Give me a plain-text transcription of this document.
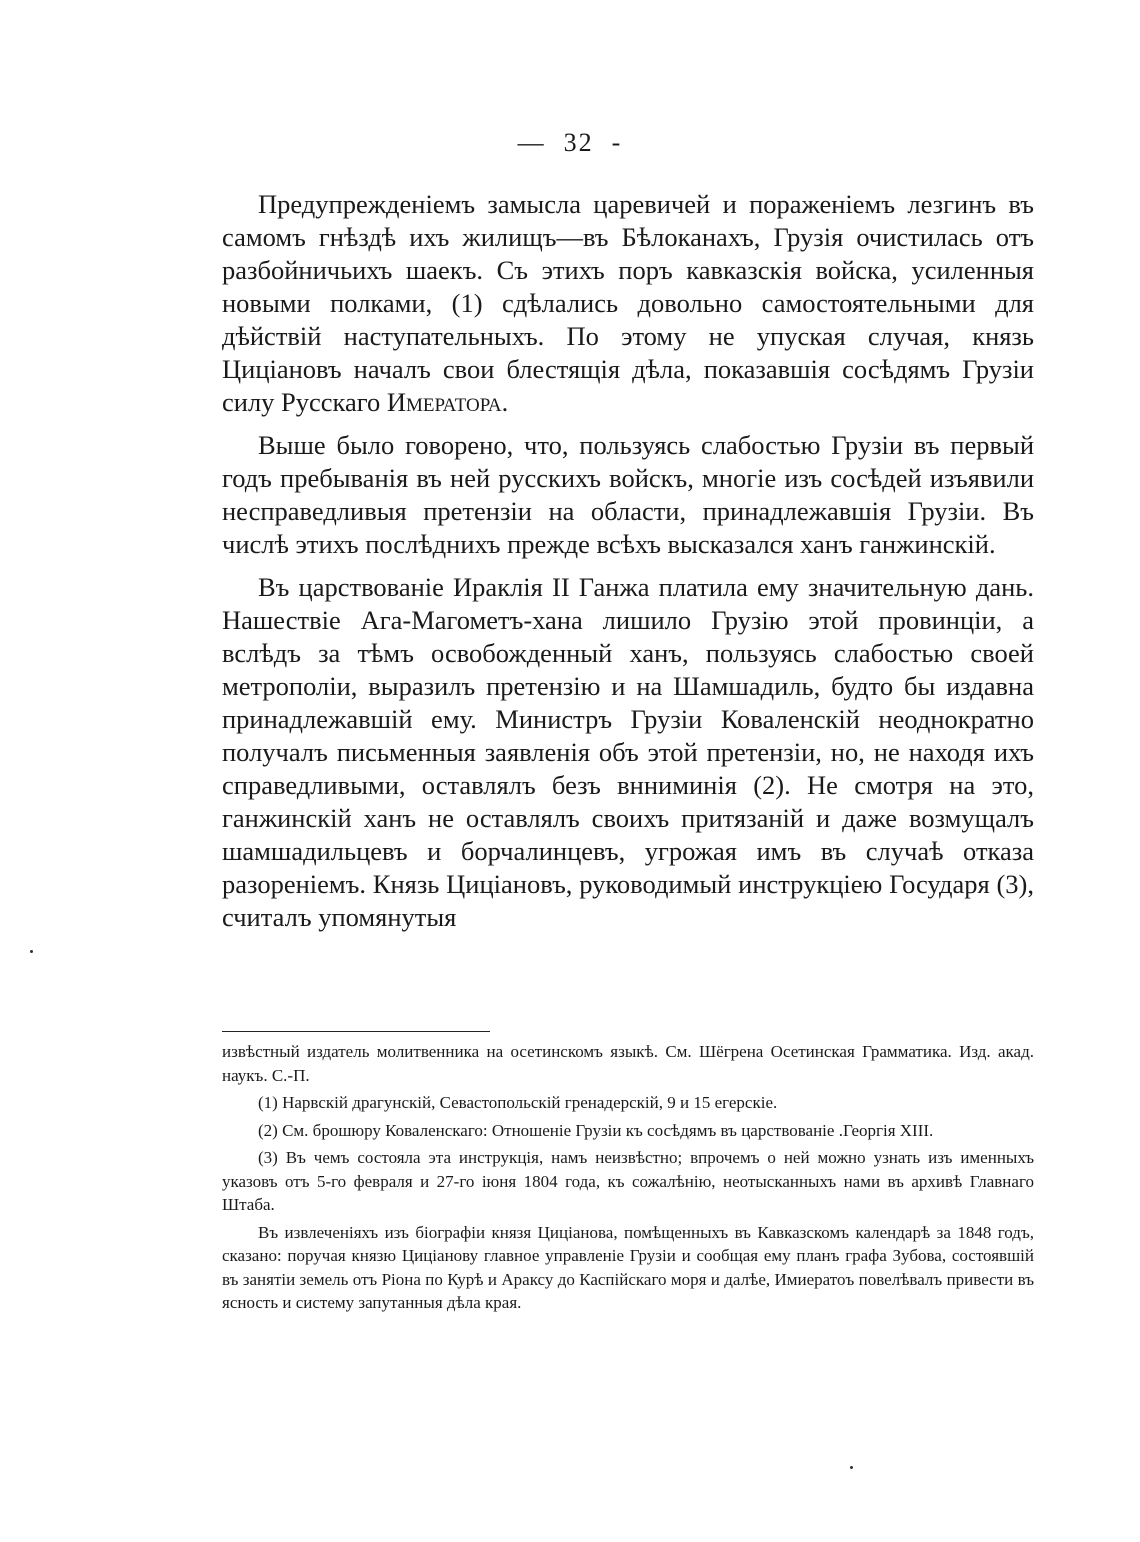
— 32 -

Предупрежденіемъ замысла царевичей и пораженіемъ лезгинъ въ самомъ гнѣздѣ ихъ жилищъ—въ Бѣлоканахъ, Грузія очистилась отъ разбойничьихъ шаекъ. Съ этихъ поръ кавказскія войска, усиленныя новыми полками, (1) сдѣлались довольно самостоятельными для дѣйствій наступательныхъ. По этому не упуская случая, князь Цицiановъ началъ свои блестящія дѣла, показавшія сосѣдямъ Грузіи силу Русскаго Имератора.

Выше было говорено, что, пользуясь слабостью Грузіи въ первый годъ пребыванія въ ней русскихъ войскъ, многіе изъ сосѣдей изъявили несправедливыя претензіи на области, принадлежавшія Грузіи. Въ числѣ этихъ послѣднихъ прежде всѣхъ высказался ханъ ганжинскій.

Въ царствованіе Ираклія II Ганжа платила ему значительную дань. Нашествіе Ага-Магометъ-хана лишило Грузію этой провинціи, а вслѣдъ за тѣмъ освобожденный ханъ, пользуясь слабостью своей метрополіи, выразилъ претензію и на Шамшадиль, будто бы издавна принадлежавшій ему. Министръ Грузіи Коваленскій неоднократно получалъ письменныя заявленія объ этой претензіи, но, не находя ихъ справедливыми, оставлялъ безъ внниминія (2). Не смотря на это, ганжинскій ханъ не оставлялъ своихъ притязаній и даже возмущалъ шамшадильцевъ и борчалинцевъ, угрожая имъ въ случаѣ отказа разореніемъ. Князь Цицiановъ, руководимый инструкціею Государя (3), считалъ упомянутыя

извѣстный издатель молитвенника на осетинскомъ языкѣ. См. Шёгрена Осетинская Грамматика. Изд. акад. наукъ. С.-П.

(1) Нарвскій драгунскій, Севастопольскій гренадерскій, 9 и 15 егерскіе.

(2) См. брошюру Коваленскаго: Отношеніе Грузіи къ сосѣдямъ въ царствованіе .Георгія XIII.

(3) Въ чемъ состояла эта инструкція, намъ неизвѣстно; впрочемъ о ней можно узнать изъ именныхъ указовъ отъ 5-го февраля и 27-го іюня 1804 года, къ сожалѣнію, неотысканныхъ нами въ архивѣ Главнаго Штаба.

Въ извлеченіяхъ изъ біографіи князя Цицiанова, помѣщенныхъ въ Кавказскомъ календарѣ за 1848 годъ, сказано: поручая князю Цицiанову главное управленіе Грузіи и сообщая ему планъ графа Зубова, состоявшій въ занятіи земель отъ Ріона по Курѣ и Араксу до Каспійскаго моря и далѣе, Имиератоъ повелѣвалъ привести въ ясность и систему запутанныя дѣла края.
